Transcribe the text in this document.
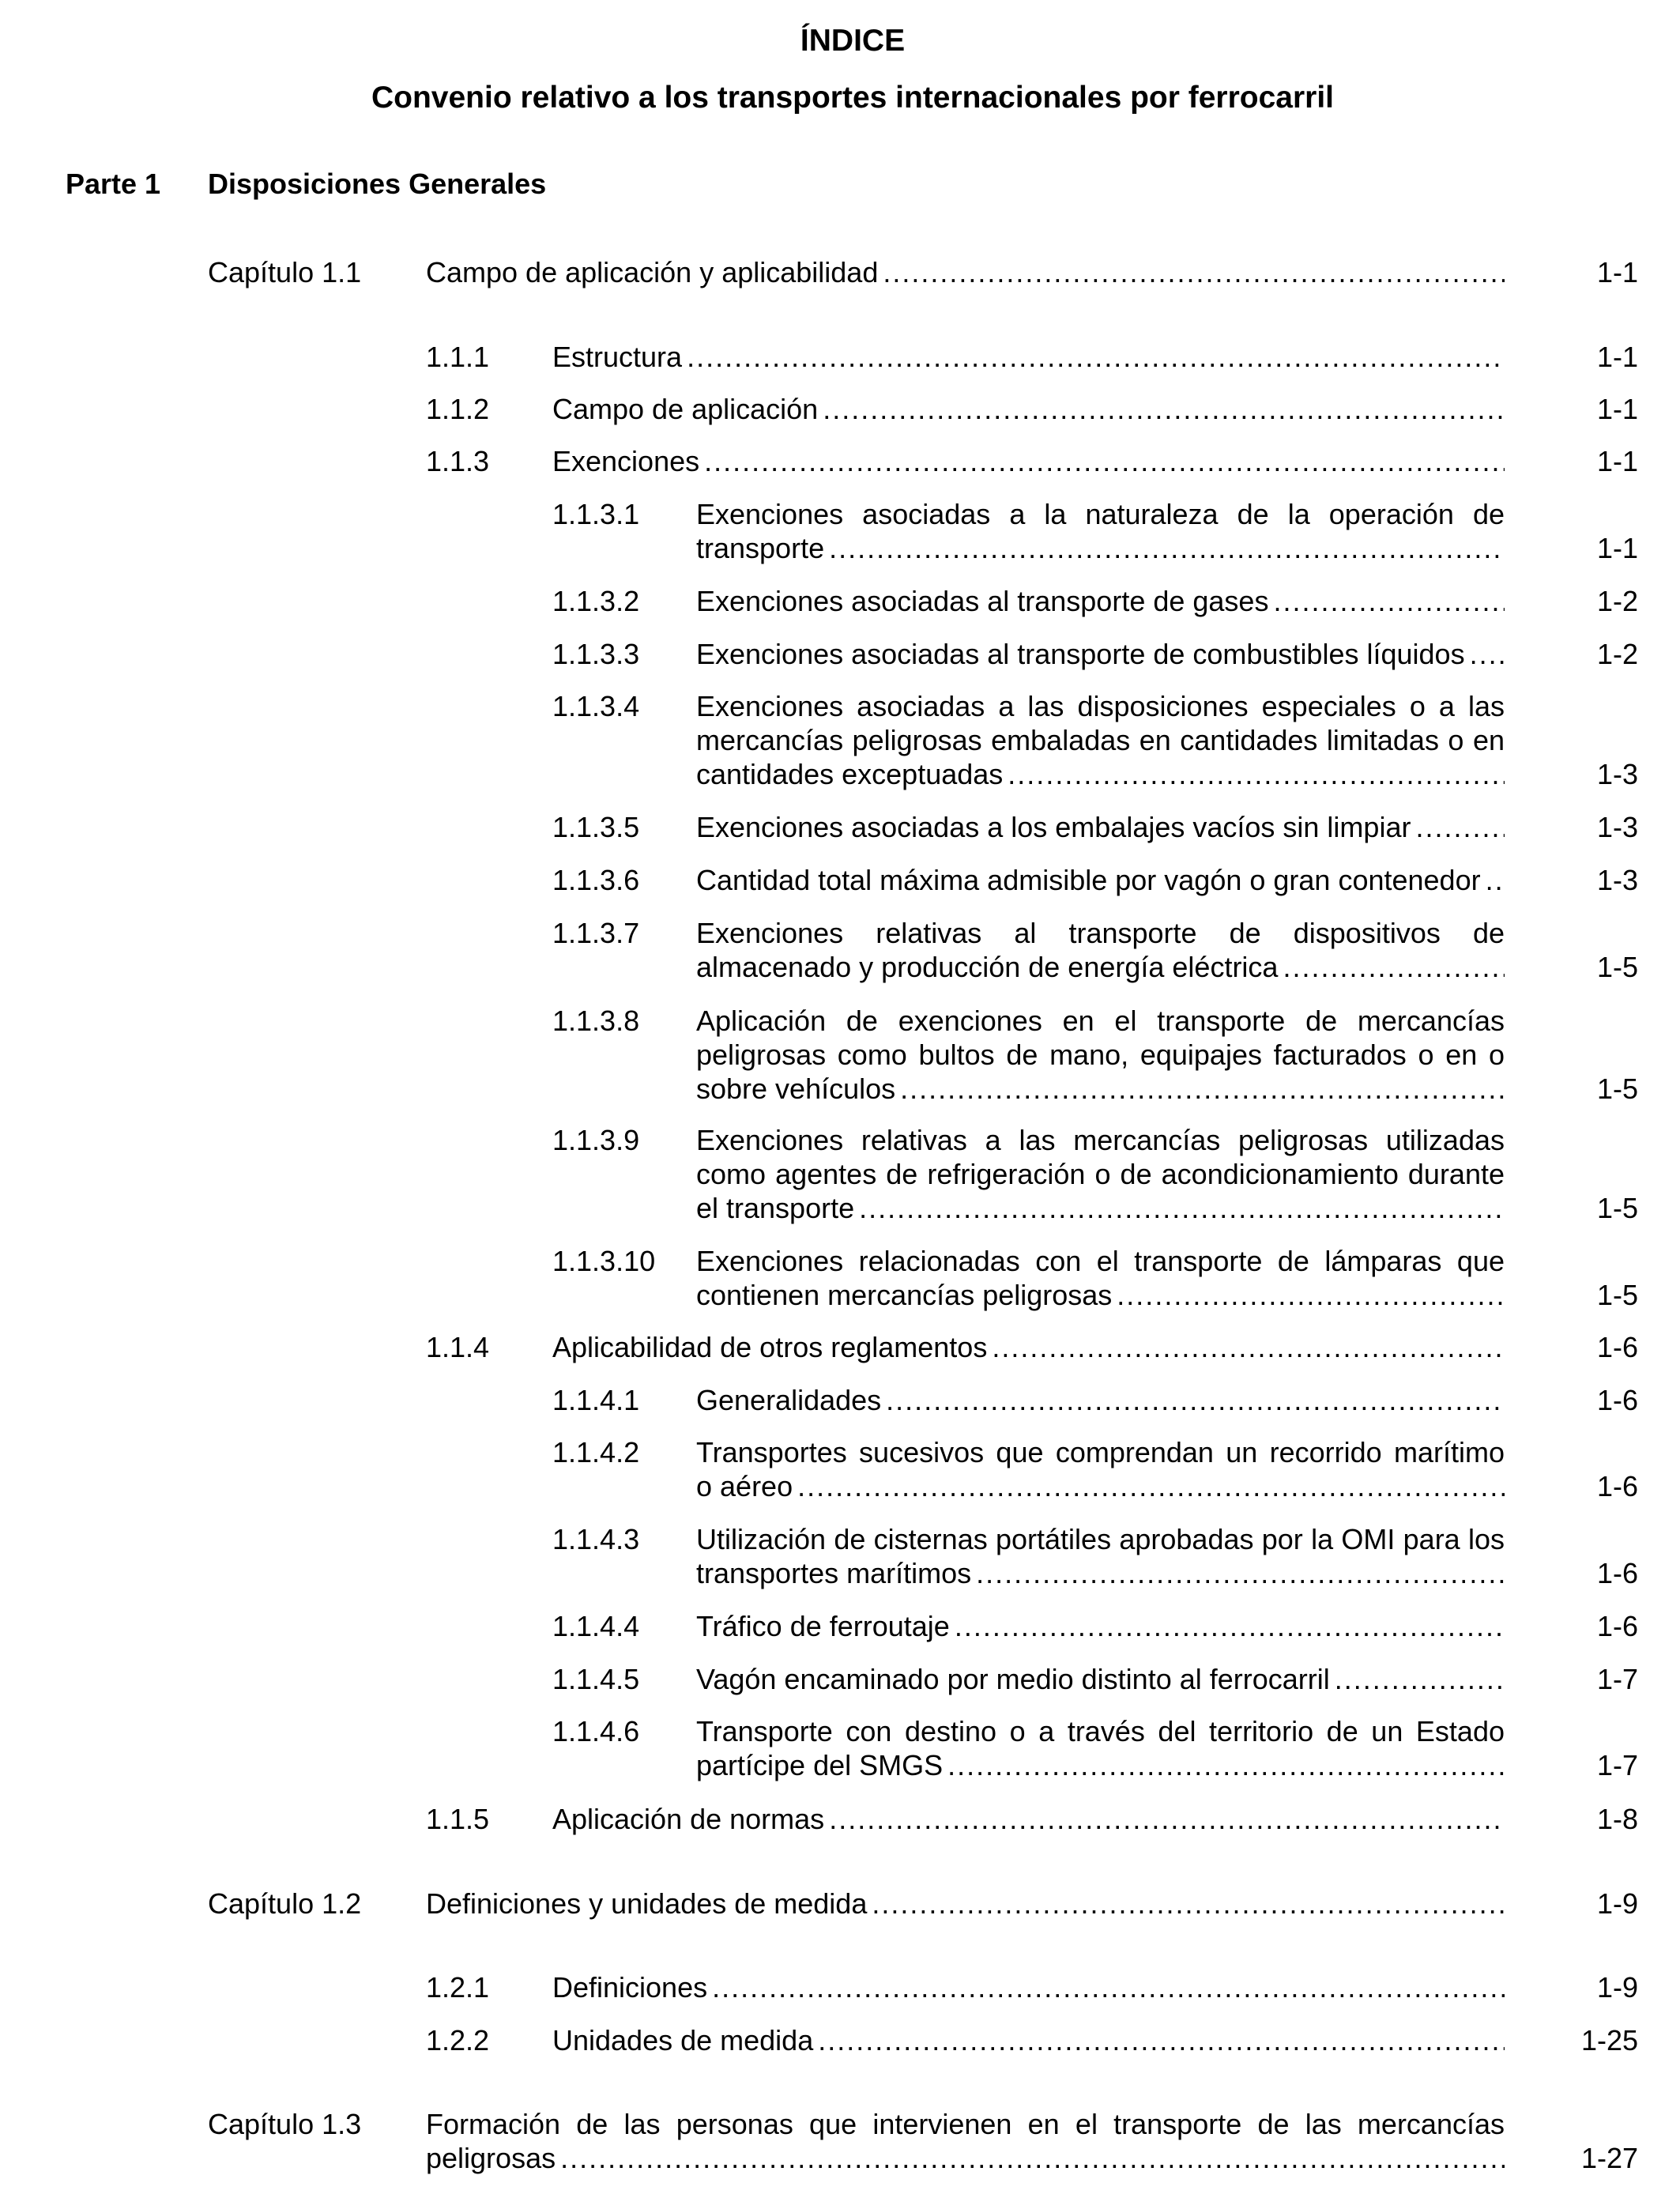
ÍNDICE
Convenio relativo a los transportes internacionales por ferrocarril
Parte 1 Disposiciones Generales
Capítulo 1.1 Campo de aplicación y aplicabilidad . . .	1-1
1.1.1 Estructura . . .	1-1
1.1.2 Campo de aplicación . . .	1-1
1.1.3 Exenciones . . .	1-1
1.1.3.1 Exenciones asociadas a la naturaleza de la operación de
transporte . . .	1-1
1.1.3.2 Exenciones asociadas al transporte de gases . . .	1-2
1.1.3.3 Exenciones asociadas al transporte de combustibles líquidos . . .	1-2
1.1.3.4 Exenciones asociadas a las disposiciones especiales o a las
mercancías peligrosas embaladas en cantidades limitadas o en
cantidades exceptuadas . . .	1-3
1.1.3.5 Exenciones asociadas a los embalajes vacíos sin limpiar . . .	1-3
1.1.3.6 Cantidad total máxima admisible por vagón o gran contenedor . . .	1-3
1.1.3.7 Exenciones relativas al transporte de dispositivos de
almacenado y producción de energía eléctrica . . .	1-5
1.1.3.8 Aplicación de exenciones en el transporte de mercancías
peligrosas como bultos de mano, equipajes facturados o en o
sobre vehículos . . .	1-5
1.1.3.9 Exenciones relativas a las mercancías peligrosas utilizadas
como agentes de refrigeración o de acondicionamiento durante
el transporte . . .	1-5
1.1.3.10 Exenciones relacionadas con el transporte de lámparas que
contienen mercancías peligrosas . . .	1-5
1.1.4 Aplicabilidad de otros reglamentos . . .	1-6
1.1.4.1 Generalidades . . .	1-6
1.1.4.2 Transportes sucesivos que comprendan un recorrido marítimo
o aéreo . . .	1-6
1.1.4.3 Utilización de cisternas portátiles aprobadas por la OMI para los
transportes marítimos . . .	1-6
1.1.4.4 Tráfico de ferroutaje . . .	1-6
1.1.4.5 Vagón encaminado por medio distinto al ferrocarril . . .	1-7
1.1.4.6 Transporte con destino o a través del territorio de un Estado
partícipe del SMGS . . .	1-7
1.1.5 Aplicación de normas . . .	1-8
Capítulo 1.2 Definiciones y unidades de medida . . .	1-9
1.2.1 Definiciones . . .	1-9
1.2.2 Unidades de medida . . .	1-25
Capítulo 1.3 Formación de las personas que intervienen en el transporte de las mercancías
peligrosas . . .	1-27
